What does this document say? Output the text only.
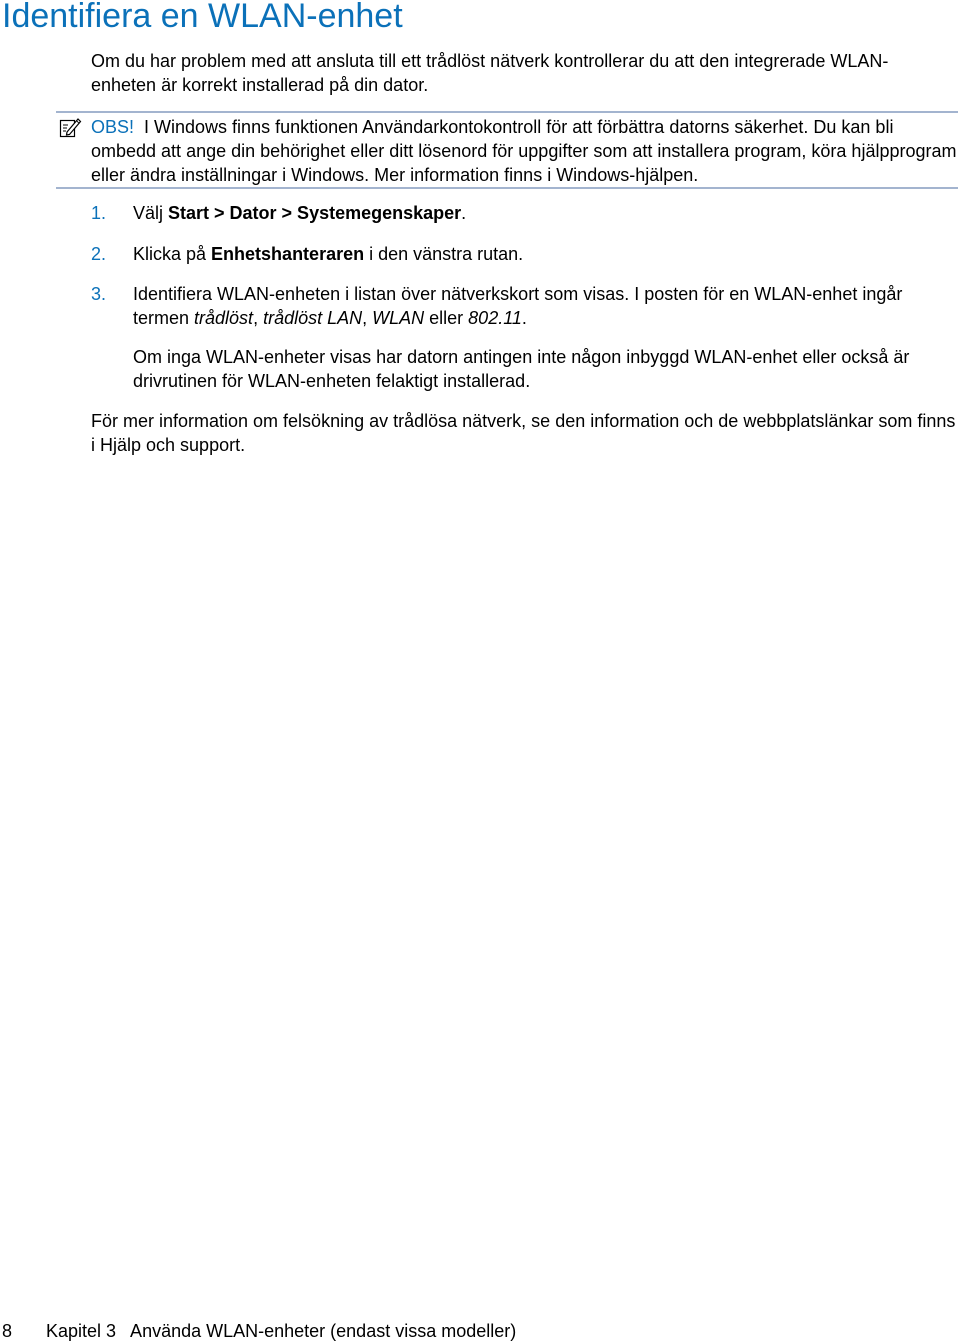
Identifiera en WLAN-enhet

Om du har problem med att ansluta till ett trådlöst nätverk kontrollerar du att den integrerade WLAN-enheten är korrekt installerad på din dator.

OBS! I Windows finns funktionen Användarkontokontroll för att förbättra datorns säkerhet. Du kan bli ombedd att ange din behörighet eller ditt lösenord för uppgifter som att installera program, köra hjälpprogram eller ändra inställningar i Windows. Mer information finns i Windows-hjälpen.

1. Välj Start > Dator > Systemegenskaper.

2. Klicka på Enhetshanteraren i den vänstra rutan.

3. Identifiera WLAN-enheten i listan över nätverkskort som visas. I posten för en WLAN-enhet ingår termen trådlöst, trådlöst LAN, WLAN eller 802.11.

Om inga WLAN-enheter visas har datorn antingen inte någon inbyggd WLAN-enhet eller också är drivrutinen för WLAN-enheten felaktigt installerad.

För mer information om felsökning av trådlösa nätverk, se den information och de webbplatslänkar som finns i Hjälp och support.

8 Kapitel 3   Använda WLAN-enheter (endast vissa modeller)
